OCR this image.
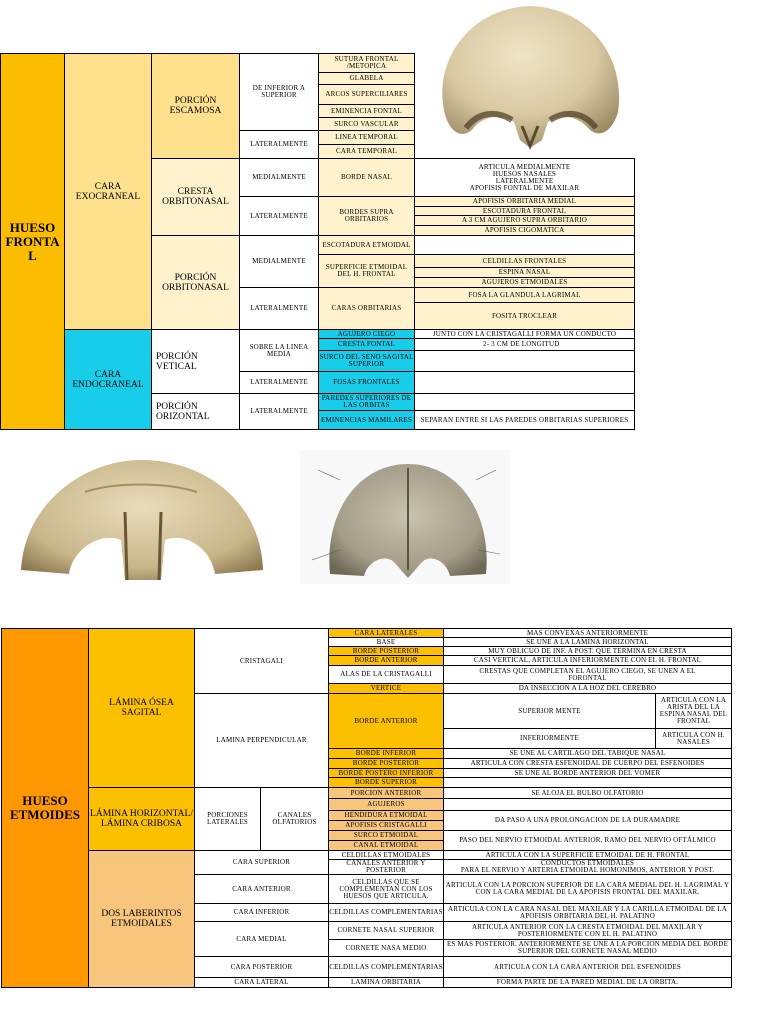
HUESO FRONTA L
CARA EXOCRANEAL
CARA ENDOCRANEAL
PORCIÓN ESCAMOSA
CRESTA ORBITONASAL
PORCIÓN ORBITONASAL
PORCIÓN VETICAL
PORCIÓN ORIZONTAL
DE INFERIOR A SUPERIOR
LATERALMENTE
MEDIALMENTE
LATERALMENTE
MEDIALMENTE
LATERALMENTE
SOBRE LA LINEA MEDIA
LATERALMENTE
LATERALMENTE
SUTURA FRONTAL /METOPICA
GLABELA
ARCOS SUPERCILIARES
EMINENCIA FONTAL
SURCO VASCULAR
LINEA TEMPORAL
CARA TEMPORAL
BORDE NASAL
BORDES SUPRA ORBITARIOS
ESCOTADURA ETMOIDAL
SUPERFICIE ETMOIDAL DEL H. FRONTAL
CARAS ORBITARIAS
AGUJERO CIEGO
CRESTA FONTAL
SURCO DEL SENO SAGITAL SUPERIOR
FOSAS FRONTALES
PAREDES SUPERIORES DE LAS ORBITAS
EMINENCIAS MAMILARES
ARTICULA MEDIALMENTE
HUESOS NASALES
LATERALMENTE
APOFISIS FONTAL DE MAXILAR
APOFISIS ORBITARIA MEDIAL
ESCOTADURA FRONTAL
A 3 CM AGUJERO SUPRA ORBITARIO
APOFISIS CIGOMATICA
CELDILLAS FRONTALES
ESPINA NASAL
AGUJEROS ETMOIDALES
FOSA LA GLANDULA LAGRIMAL
FOSITA TROCLEAR
JUNTO CON LA CRISTAGALLI FORMA UN CONDUCTO
2- 3 CM DE LONGITUD
SEPARAN ENTRE SI LAS PAREDES ORBITARIAS SUPERIORES
HUESO ETMOIDES
LÁMINA ÓSEA SAGITAL
LÁMINA HORIZONTAL/ LÁMINA CRIBOSA
DOS LABERINTOS ETMOIDALES
CRISTAGALI
LAMINA PERPENDICULAR
PORCIONES LATERALES
CANALES OLFATORIOS
CARA SUPERIOR
CARA ANTERIOR
CARA INFERIOR
CARA MEDIAL
CARA POSTERIOR
CARA LATERAL
CARA LATERALES
BASE
BORDE POSTERIOR
BORDE ANTERIOR
ALAS DE LA CRISTAGALLI
VERTICE
BORDE ANTERIOR
BORDE INFERIOR
BORDE POSTERIOR
BORDE POSTERO INFERIOR
BORDE SUPERIOR
PORCION ANTERIOR
AGUJEROS
HENDIDURA ETMOIDAL
APOFISIS CRISTAGALLI
SURCO ETMOIDAL
CANAL ETMOIDAL
CELDILLAS ETMOIDALES
CANALES ANTERIOR Y POSTERIOR
CELDILLAS QUE SE COMPLEMENTAN CON LOS HUESOS QUE ARTICULA.
CELDILLAS COMPLEMENTARIAS
CORNETE NASAL SUPERIOR
CORNETE NASA MEDIO
CELDILLAS COMPLEMENTARIAS
LAMINA ORBITARIA
MAS CONVEXAS ANTERIORMENTE
SE UNE A LA LAMINA HORIZONTAL
MUY OBLICUO DE INF. A POST. QUE TERMINA EN CRESTA
CASI VERTICAL, ARTICULA INFERIORMENTE CON EL H. FRONTAL
CRESTAS QUE COMPLETAN EL AGUJERO CIEGO, SE UNEN A EL FORONTAL
DA INSECCION A LA HOZ DEL CEREBRO
SUPERIOR MENTE
ARTICULA CON LA ARISTA DEL LA ESPINA NASAL DEL FRONTAL
INFERIORMENTE	ARTICULA CON H. NASALES
SE UNE AL CARTILAGO DEL TABIQUE NASAL
ARTICULA CON CRESTA ESFENOIDAL DE CUERPO DEL ESFENOIDES
SE UNE AL BORDE ANTERIOR DEL VOMER
SE ALOJA EL BULBO OLFATORIO
DA PASO A UNA PROLONGACION DE LA DURAMADRE
PASO DEL NERVIO ETMOIDAL ANTERIOR, RAMO DEL NERVIO OFTÁLMICO
ARTICULA CON LA SUPERFICIE ETMOIDAL DE H. FRONTAL
CONDUCTOS ETMOIDALES
PARA EL NERVIO Y ARTERIA ETMOIDAL HOMONIMOS, ANTERIOR Y POST.
ARTICULA CON LA PORCION SUPERIOR DE LA CARA MEDIAL DEL H. LAGRIMAL Y CON LA CARA MEDIAL DE LA APOFISIS FRONTAL DEL MAXILAR.
ARTICULA CON LA CARA NASAL DEL MAXILAR Y LA CARILLA ETMOIDAL DE LA APOFISIS ORBITARIA DEL H. PALATINO
ARTICULA ANTERIOR CON LA CRESTA ETMOIDAL DEL MAXILAR Y POSTERIORMENTE CON EL H. PALATINO
ES MAS POSTERIOR. ANTERIORMENTE SE UNE A LA PORCION MEDIA DEL BORDE SUPERIOR DEL CORNETE NASAL MEDIO
ARTICULA CON LA CARA ANTERIOR DEL ESFENOIDES
FORMA PARTE DE LA PARED MEDIAL DE LA ORBITA.
